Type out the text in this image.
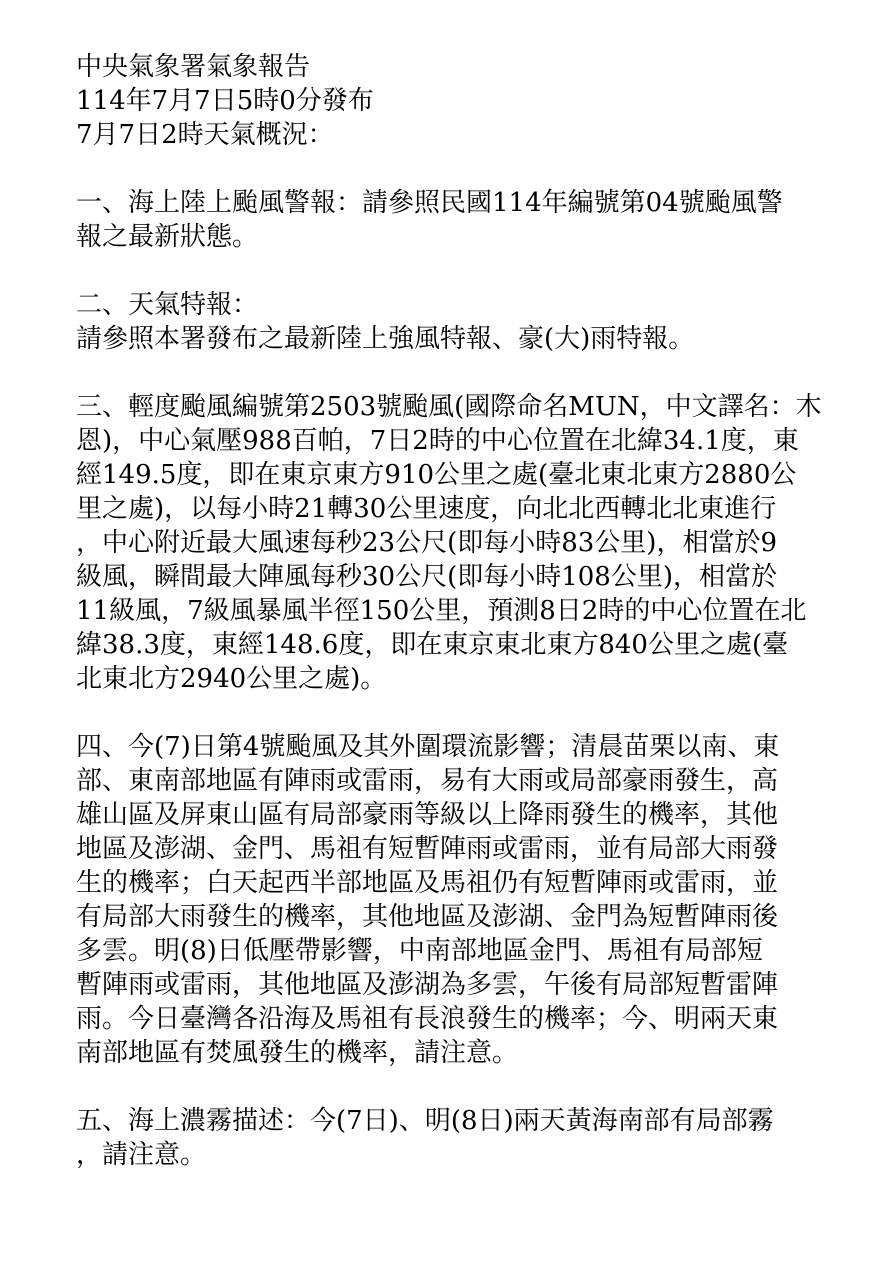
中央氣象署氣象報告
114年7月7日5時0分發布
7月7日2時天氣概況：
一、海上陸上颱風警報：請參照民國114年編號第04號颱風警
報之最新狀態。
二、天氣特報：
請參照本署發布之最新陸上強風特報、豪(大)雨特報。
三、輕度颱風編號第2503號颱風(國際命名MUN，中文譯名：木
恩)，中心氣壓988百帕，7日2時的中心位置在北緯34.1度，東
經149.5度，即在東京東方910公里之處(臺北東北東方2880公
里之處)，以每小時21轉30公里速度，向北北西轉北北東進行
，中心附近最大風速每秒23公尺(即每小時83公里)，相當於9
級風，瞬間最大陣風每秒30公尺(即每小時108公里)，相當於
11級風，7級風暴風半徑150公里，預測8日2時的中心位置在北
緯38.3度，東經148.6度，即在東京東北東方840公里之處(臺
北東北方2940公里之處)。
四、今(7)日第4號颱風及其外圍環流影響；清晨苗栗以南、東
部、東南部地區有陣雨或雷雨，易有大雨或局部豪雨發生，高
雄山區及屏東山區有局部豪雨等級以上降雨發生的機率，其他
地區及澎湖、金門、馬祖有短暫陣雨或雷雨，並有局部大雨發
生的機率；白天起西半部地區及馬祖仍有短暫陣雨或雷雨，並
有局部大雨發生的機率，其他地區及澎湖、金門為短暫陣雨後
多雲。明(8)日低壓帶影響，中南部地區金門、馬祖有局部短
暫陣雨或雷雨，其他地區及澎湖為多雲，午後有局部短暫雷陣
雨。今日臺灣各沿海及馬祖有長浪發生的機率；今、明兩天東
南部地區有焚風發生的機率，請注意。
五、海上濃霧描述：今(7日)、明(8日)兩天黃海南部有局部霧
，請注意。
